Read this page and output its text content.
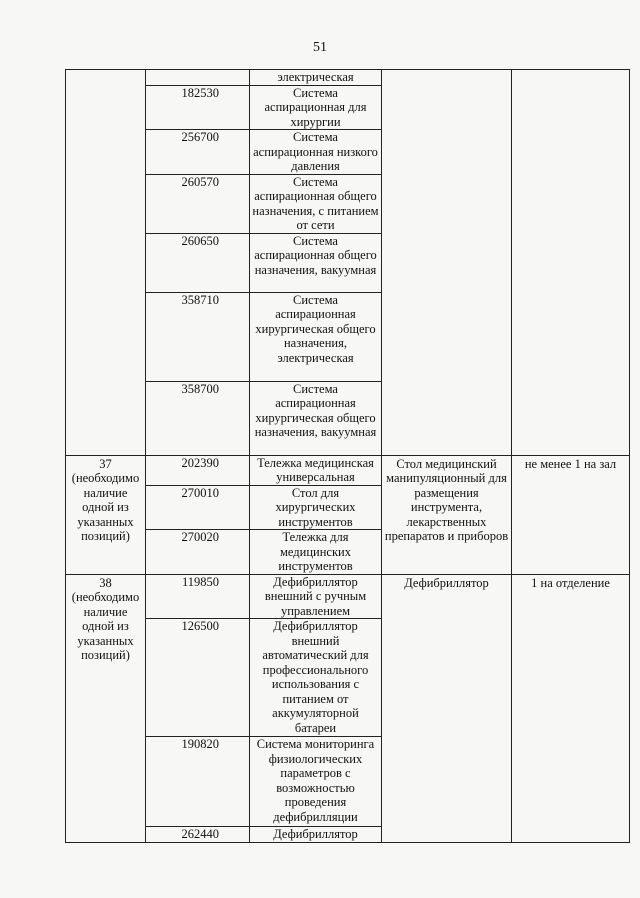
51
		электрическая		
	182530	Система аспирационная для хирургии		
	256700	Система аспирационная низкого давления		
	260570	Система аспирационная общего назначения, с питанием от сети		
	260650	Система аспирационная общего назначения, вакуумная		
	358710	Система аспирационная хирургическая общего назначения, электрическая		
	358700	Система аспирационная хирургическая общего назначения, вакуумная		
37 (необходимо наличие одной из указанных позиций)	202390	Тележка медицинская универсальная	Стол медицинский манипуляционный для размещения инструмента, лекарственных препаратов и приборов	не менее 1 на зал
	270010	Стол для хирургических инструментов		
	270020	Тележка для медицинских инструментов		
38 (необходимо наличие одной из указанных позиций)	119850	Дефибриллятор внешний с ручным управлением	Дефибриллятор	1 на отделение
	126500	Дефибриллятор внешний автоматический для профессионального использования с питанием от аккумуляторной батареи		
	190820	Система мониторинга физиологических параметров с возможностью проведения дефибрилляции		
	262440	Дефибриллятор		
